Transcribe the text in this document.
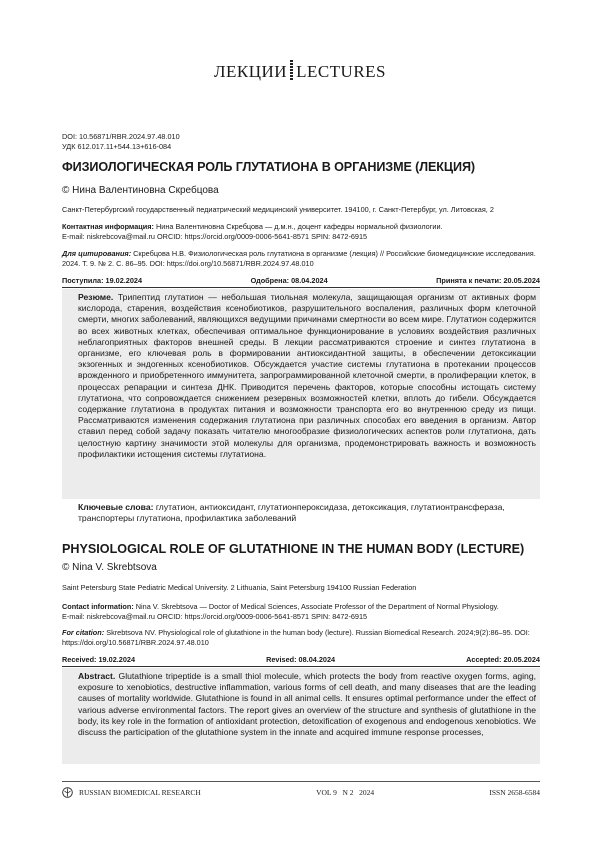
ЛЕКЦИИ LECTURES
DOI: 10.56871/RBR.2024.97.48.010
УДК 612.017.11+544.13+616-084
ФИЗИОЛОГИЧЕСКАЯ РОЛЬ ГЛУТАТИОНА В ОРГАНИЗМЕ (ЛЕКЦИЯ)
© Нина Валентиновна Скребцова
Санкт-Петербургский государственный педиатрический медицинский университет. 194100, г. Санкт-Петербург, ул. Литовская, 2
Контактная информация: Нина Валентиновна Скребцова — д.м.н., доцент кафедры нормальной физиологии.
E-mail: niskrebcova@mail.ru ORCID: https://orcid.org/0009-0006-5641-8571 SPIN: 8472-6915
Для цитирования: Скребцова Н.В. Физиологическая роль глутатиона в организме (лекция) // Российские биомедицинские исследования. 2024. Т. 9. № 2. С. 86–95. DOI: https://doi.org/10.56871/RBR.2024.97.48.010
Поступила: 19.02.2024	Одобрена: 08.04.2024	Принята к печати: 20.05.2024
Резюме. Трипептид глутатион — небольшая тиольная молекула, защищающая организм от активных форм кислорода, старения, воздействия ксенобиотиков, разрушительного воспаления, различных форм клеточной смерти, многих заболеваний, являющихся ведущими причинами смертности во всем мире. Глутатион содержится во всех животных клетках, обеспечивая оптимальное функционирование в условиях воздействия различных неблагоприятных факторов внешней среды. В лекции рассматриваются строение и синтез глутатиона в организме, его ключевая роль в формировании антиоксидантной защиты, в обеспечении детоксикации экзогенных и эндогенных ксенобиотиков. Обсуждается участие системы глутатиона в протекании процессов врожденного и приобретенного иммунитета, запрограммированной клеточной смерти, в пролиферации клеток, в процессах репарации и синтеза ДНК. Приводится перечень факторов, которые способны истощать систему глутатиона, что сопровождается снижением резервных возможностей клетки, вплоть до гибели. Обсуждается содержание глутатиона в продуктах питания и возможности транспорта его во внутреннюю среду из пищи. Рассматриваются изменения содержания глутатиона при различных способах его введения в организм. Автор ставил перед собой задачу показать читателю многообразие физиологических аспектов роли глутатиона, дать целостную картину значимости этой молекулы для организма, продемонстрировать важность и возможность профилактики истощения системы глутатиона.
Ключевые слова: глутатион, антиоксидант, глутатионпероксидаза, детоксикация, глутатионтрансфераза, транспортеры глутатиона, профилактика заболеваний
PHYSIOLOGICAL ROLE OF GLUTATHIONE IN THE HUMAN BODY (LECTURE)
© Nina V. Skrebtsova
Saint Petersburg State Pediatric Medical University. 2 Lithuania, Saint Petersburg 194100 Russian Federation
Contact information: Nina V. Skrebtsova — Doctor of Medical Sciences, Associate Professor of the Department of Normal Physiology.
E-mail: niskrebcova@mail.ru ORCID: https://orcid.org/0009-0006-5641-8571 SPIN: 8472-6915
For citation: Skrebtsova NV. Physiological role of glutathione in the human body (lecture). Russian Biomedical Research. 2024;9(2):86–95. DOI: https://doi.org/10.56871/RBR.2024.97.48.010
Received: 19.02.2024	Revised: 08.04.2024	Accepted: 20.05.2024
Abstract. Glutathione tripeptide is a small thiol molecule, which protects the body from reactive oxygen forms, aging, exposure to xenobiotics, destructive inflammation, various forms of cell death, and many diseases that are the leading causes of mortality worldwide. Glutathione is found in all animal cells. It ensures optimal performance under the effect of various adverse environmental factors. The report gives an overview of the structure and synthesis of glutathione in the body, its key role in the formation of antioxidant protection, detoxification of exogenous and endogenous xenobiotics. We discuss the participation of the glutathione system in the innate and acquired immune response processes,
RUSSIAN BIOMEDICAL RESEARCH	VOL 9   N 2   2024	ISSN 2658-6584
